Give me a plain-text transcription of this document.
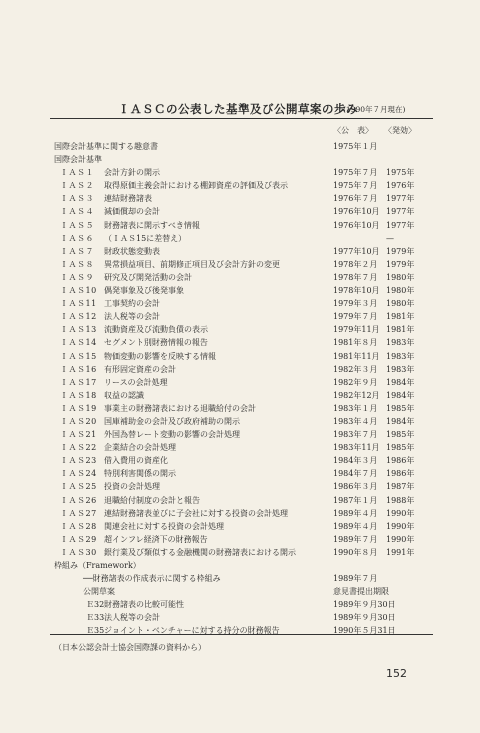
ＩＡＳＣの公表した基準及び公開草案の歩み
(1990年７月現在)
〈公　表〉 〈発効〉
国際会計基準に関する趣意書	1975年１月
国際会計基準
ＩＡＳ１	会計方針の開示	1975年７月 1975年
ＩＡＳ２	取得原価主義会計における棚卸資産の評価及び表示	1975年７月 1976年
ＩＡＳ３	連結財務諸表	1976年７月 1977年
ＩＡＳ４	減価償却の会計	1976年10月 1977年
ＩＡＳ５	財務諸表に開示すべき情報	1976年10月 1977年
ＩＡＳ６	（ＩＡＳ15に差替え）	—
ＩＡＳ７	財政状態変動表	1977年10月 1979年
ＩＡＳ８	異常損益項目、前期修正項目及び会計方針の変更	1978年２月 1979年
ＩＡＳ９	研究及び開発活動の会計	1978年７月 1980年
ＩＡＳ10 偶発事象及び後発事象	1978年10月 1980年
ＩＡＳ11 工事契約の会計	1979年３月 1980年
ＩＡＳ12 法人税等の会計	1979年７月 1981年
ＩＡＳ13 流動資産及び流動負債の表示	1979年11月 1981年
ＩＡＳ14 セグメント別財務情報の報告	1981年８月 1983年
ＩＡＳ15 物価変動の影響を反映する情報	1981年11月 1983年
ＩＡＳ16 有形固定資産の会計	1982年３月 1983年
ＩＡＳ17 リースの会計処理	1982年９月 1984年
ＩＡＳ18 収益の認識	1982年12月 1984年
ＩＡＳ19 事業主の財務諸表における退職給付の会計	1983年１月 1985年
ＩＡＳ20 国庫補助金の会計及び政府補助の開示	1983年４月 1984年
ＩＡＳ21 外国為替レート変動の影響の会計処理	1983年７月 1985年
ＩＡＳ22 企業結合の会計処理	1983年11月 1985年
ＩＡＳ23 借入費用の資産化	1984年３月 1986年
ＩＡＳ24 特別利害関係の開示	1984年７月 1986年
ＩＡＳ25 投資の会計処理	1986年３月 1987年
ＩＡＳ26 退職給付制度の会計と報告	1987年１月 1988年
ＩＡＳ27 連結財務諸表並びに子会社に対する投資の会計処理	1989年４月 1990年
ＩＡＳ28 関連会社に対する投資の会計処理	1989年４月 1990年
ＩＡＳ29 超インフレ経済下の財務報告	1989年７月 1990年
ＩＡＳ30 銀行業及び類似する金融機関の財務諸表における開示	1990年８月 1991年
枠組み（Framework）
──財務諸表の作成表示に関する枠組み	1989年７月
公開草案	意見書提出期限
Ｅ32 財務諸表の比較可能性	1989年９月30日
Ｅ33 法人税等の会計	1989年９月30日
Ｅ35 ジョイント・ベンチャーに対する持分の財務報告	1990年５月31日
（日本公認会計士協会国際課の資料から）
152
